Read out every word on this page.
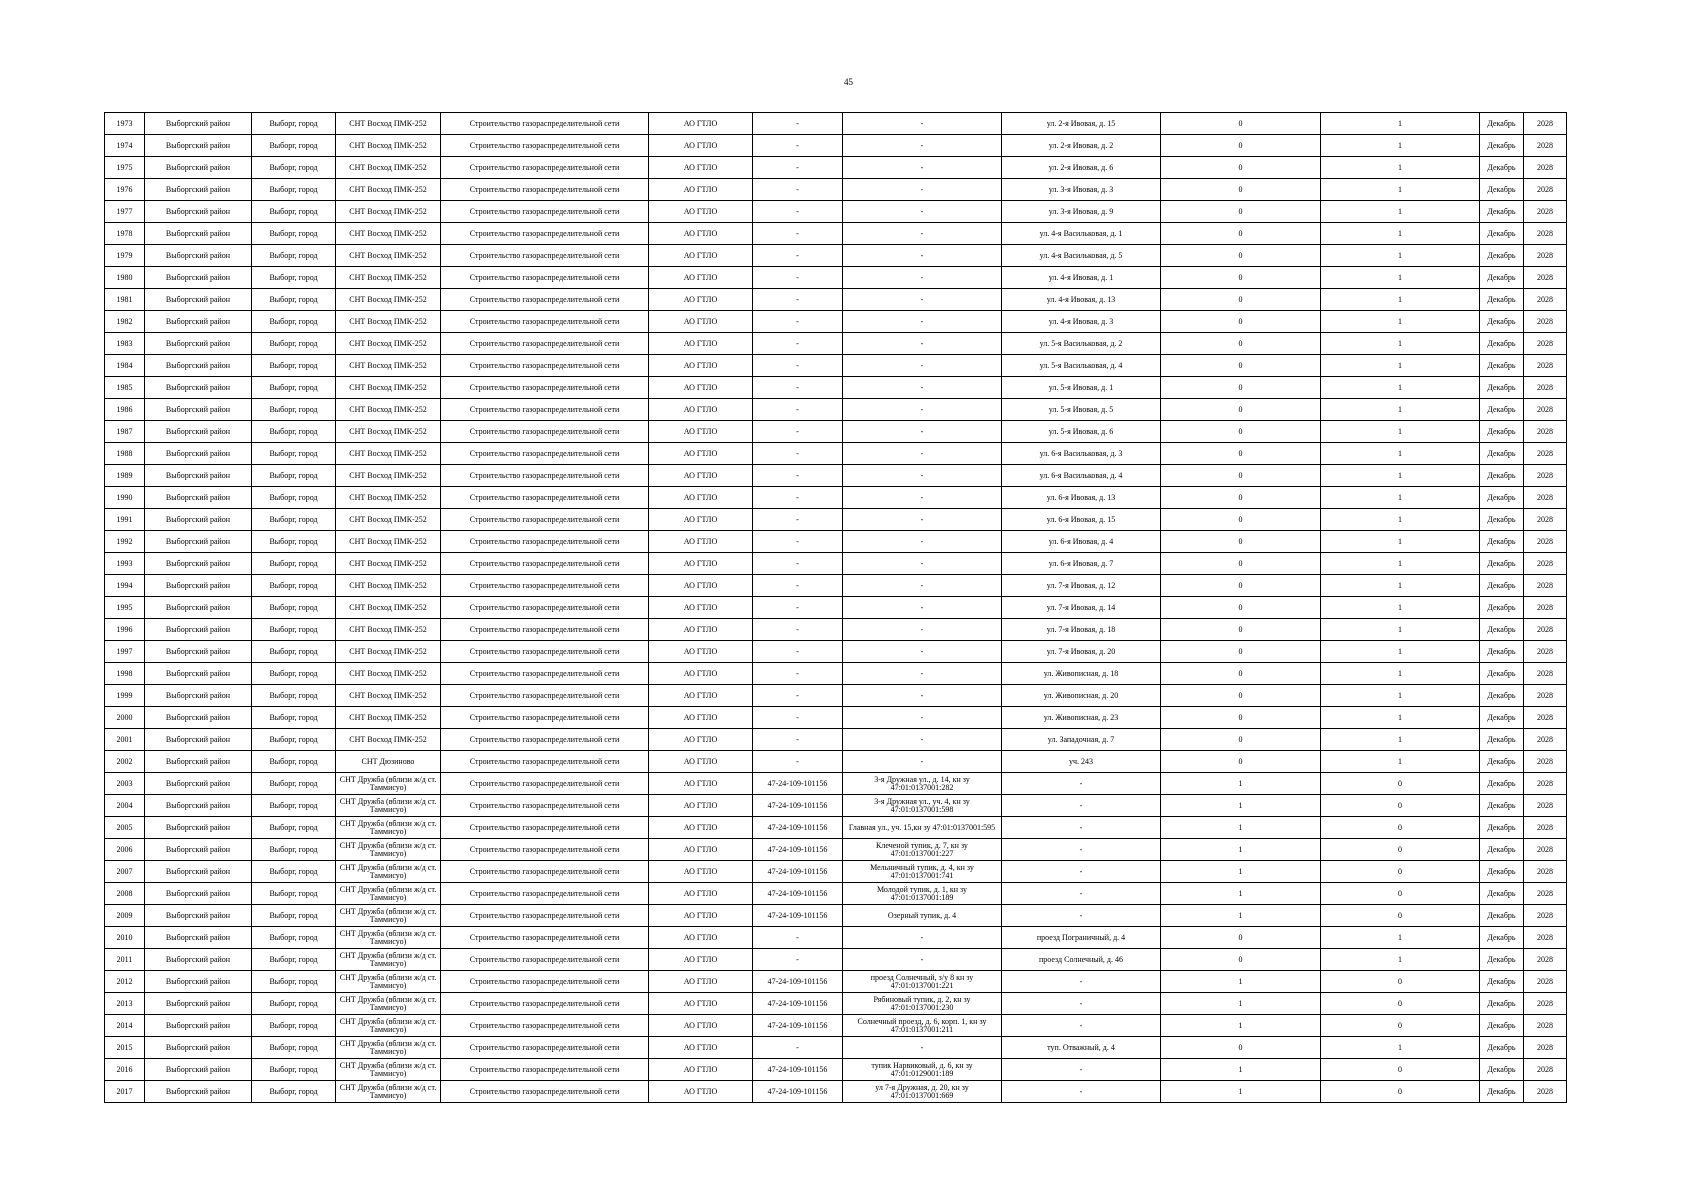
45
1973	Выборгский район	Выборг, город	СНТ Восход ПМК-252	Строительство газораспределительной сети	АО ГТЛО	-	-	ул. 2-я Ивовая, д. 15	0	1	Декабрь	2028
1974	Выборгский район	Выборг, город	СНТ Восход ПМК-252	Строительство газораспределительной сети	АО ГТЛО	-	-	ул. 2-я Ивовая, д. 2	0	1	Декабрь	2028
1975	Выборгский район	Выборг, город	СНТ Восход ПМК-252	Строительство газораспределительной сети	АО ГТЛО	-	-	ул. 2-я Ивовая, д. 6	0	1	Декабрь	2028
1976	Выборгский район	Выборг, город	СНТ Восход ПМК-252	Строительство газораспределительной сети	АО ГТЛО	-	-	ул. 3-я Ивовая, д. 3	0	1	Декабрь	2028
1977	Выборгский район	Выборг, город	СНТ Восход ПМК-252	Строительство газораспределительной сети	АО ГТЛО	-	-	ул. 3-я Ивовая, д. 9	0	1	Декабрь	2028
1978	Выборгский район	Выборг, город	СНТ Восход ПМК-252	Строительство газораспределительной сети	АО ГТЛО	-	-	ул. 4-я Васильковая, д. 1	0	1	Декабрь	2028
1979	Выборгский район	Выборг, город	СНТ Восход ПМК-252	Строительство газораспределительной сети	АО ГТЛО	-	-	ул. 4-я Васильковая, д. 5	0	1	Декабрь	2028
1980	Выборгский район	Выборг, город	СНТ Восход ПМК-252	Строительство газораспределительной сети	АО ГТЛО	-	-	ул. 4-я Ивовая, д. 1	0	1	Декабрь	2028
1981	Выборгский район	Выборг, город	СНТ Восход ПМК-252	Строительство газораспределительной сети	АО ГТЛО	-	-	ул. 4-я Ивовая, д. 13	0	1	Декабрь	2028
1982	Выборгский район	Выборг, город	СНТ Восход ПМК-252	Строительство газораспределительной сети	АО ГТЛО	-	-	ул. 4-я Ивовая, д. 3	0	1	Декабрь	2028
1983	Выборгский район	Выборг, город	СНТ Восход ПМК-252	Строительство газораспределительной сети	АО ГТЛО	-	-	ул. 5-я Васильковая, д. 2	0	1	Декабрь	2028
1984	Выборгский район	Выборг, город	СНТ Восход ПМК-252	Строительство газораспределительной сети	АО ГТЛО	-	-	ул. 5-я Васильковая, д. 4	0	1	Декабрь	2028
1985	Выборгский район	Выборг, город	СНТ Восход ПМК-252	Строительство газораспределительной сети	АО ГТЛО	-	-	ул. 5-я Ивовая, д. 1	0	1	Декабрь	2028
1986	Выборгский район	Выборг, город	СНТ Восход ПМК-252	Строительство газораспределительной сети	АО ГТЛО	-	-	ул. 5-я Ивовая, д. 5	0	1	Декабрь	2028
1987	Выборгский район	Выборг, город	СНТ Восход ПМК-252	Строительство газораспределительной сети	АО ГТЛО	-	-	ул. 5-я Ивовая, д. 6	0	1	Декабрь	2028
1988	Выборгский район	Выборг, город	СНТ Восход ПМК-252	Строительство газораспределительной сети	АО ГТЛО	-	-	ул. 6-я Васильковая, д. 3	0	1	Декабрь	2028
1989	Выборгский район	Выборг, город	СНТ Восход ПМК-252	Строительство газораспределительной сети	АО ГТЛО	-	-	ул. 6-я Васильковая, д. 4	0	1	Декабрь	2028
1990	Выборгский район	Выборг, город	СНТ Восход ПМК-252	Строительство газораспределительной сети	АО ГТЛО	-	-	ул. 6-я Ивовая, д. 13	0	1	Декабрь	2028
1991	Выборгский район	Выборг, город	СНТ Восход ПМК-252	Строительство газораспределительной сети	АО ГТЛО	-	-	ул. 6-я Ивовая, д. 15	0	1	Декабрь	2028
1992	Выборгский район	Выборг, город	СНТ Восход ПМК-252	Строительство газораспределительной сети	АО ГТЛО	-	-	ул. 6-я Ивовая, д. 4	0	1	Декабрь	2028
1993	Выборгский район	Выборг, город	СНТ Восход ПМК-252	Строительство газораспределительной сети	АО ГТЛО	-	-	ул. 6-я Ивовая, д. 7	0	1	Декабрь	2028
1994	Выборгский район	Выборг, город	СНТ Восход ПМК-252	Строительство газораспределительной сети	АО ГТЛО	-	-	ул. 7-я Ивовая, д. 12	0	1	Декабрь	2028
1995	Выборгский район	Выборг, город	СНТ Восход ПМК-252	Строительство газораспределительной сети	АО ГТЛО	-	-	ул. 7-я Ивовая, д. 14	0	1	Декабрь	2028
1996	Выборгский район	Выборг, город	СНТ Восход ПМК-252	Строительство газораспределительной сети	АО ГТЛО	-	-	ул. 7-я Ивовая, д. 18	0	1	Декабрь	2028
1997	Выборгский район	Выборг, город	СНТ Восход ПМК-252	Строительство газораспределительной сети	АО ГТЛО	-	-	ул. 7-я Ивовая, д. 20	0	1	Декабрь	2028
1998	Выборгский район	Выборг, город	СНТ Восход ПМК-252	Строительство газораспределительной сети	АО ГТЛО	-	-	ул. Живописная, д. 18	0	1	Декабрь	2028
1999	Выборгский район	Выборг, город	СНТ Восход ПМК-252	Строительство газораспределительной сети	АО ГТЛО	-	-	ул. Живописная, д. 20	0	1	Декабрь	2028
2000	Выборгский район	Выборг, город	СНТ Восход ПМК-252	Строительство газораспределительной сети	АО ГТЛО	-	-	ул. Живописная, д. 23	0	1	Декабрь	2028
2001	Выборгский район	Выборг, город	СНТ Восход ПМК-252	Строительство газораспределительной сети	АО ГТЛО	-	-	ул. Западочная, д. 7	0	1	Декабрь	2028
2002	Выборгский район	Выборг, город	СНТ Дюзиново	Строительство газораспределительной сети	АО ГТЛО	-	-	уч. 243	0	1	Декабрь	2028
2003	Выборгский район	Выборг, город	СНТ Дружба (вблизи ж/д ст. Таммисуо)	Строительство газораспределительной сети	АО ГТЛО	47-24-109-101156	3-я Дружная ул., д. 14, кн зу 47:01:0137001:282	-	1	0	Декабрь	2028
2004	Выборгский район	Выборг, город	СНТ Дружба (вблизи ж/д ст. Таммисуо)	Строительство газораспределительной сети	АО ГТЛО	47-24-109-101156	3-я Дружная ул., уч. 4, кн зу 47:01:0137001:598	-	1	0	Декабрь	2028
2005	Выборгский район	Выборг, город	СНТ Дружба (вблизи ж/д ст. Таммисуо)	Строительство газораспределительной сети	АО ГТЛО	47-24-109-101156	Главная ул., уч. 15,кн зу 47:01:0137001:595	-	1	0	Декабрь	2028
2006	Выборгский район	Выборг, город	СНТ Дружба (вблизи ж/д ст. Таммисуо)	Строительство газораспределительной сети	АО ГТЛО	47-24-109-101156	Клеченой тупик, д. 7, кн зу 47:01:0137001:227	-	1	0	Декабрь	2028
2007	Выборгский район	Выборг, город	СНТ Дружба (вблизи ж/д ст. Таммисуо)	Строительство газораспределительной сети	АО ГТЛО	47-24-109-101156	Мельничный тупик, д. 4, кн зу 47:01:0137001:741	-	1	0	Декабрь	2028
2008	Выборгский район	Выборг, город	СНТ Дружба (вблизи ж/д ст. Таммисуо)	Строительство газораспределительной сети	АО ГТЛО	47-24-109-101156	Молодой тупик, д. 1, кн зу 47:01:0137001:189	-	1	0	Декабрь	2028
2009	Выборгский район	Выборг, город	СНТ Дружба (вблизи ж/д ст. Таммисуо)	Строительство газораспределительной сети	АО ГТЛО	47-24-109-101156	Озерный тупик, д. 4	-	1	0	Декабрь	2028
2010	Выборгский район	Выборг, город	СНТ Дружба (вблизи ж/д ст. Таммисуо)	Строительство газораспределительной сети	АО ГТЛО	-	-	проезд Пограничный, д. 4	0	1	Декабрь	2028
2011	Выборгский район	Выборг, город	СНТ Дружба (вблизи ж/д ст. Таммисуо)	Строительство газораспределительной сети	АО ГТЛО	-	-	проезд Солнечный, д. 46	0	1	Декабрь	2028
2012	Выборгский район	Выборг, город	СНТ Дружба (вблизи ж/д ст. Таммисуо)	Строительство газораспределительной сети	АО ГТЛО	47-24-109-101156	проезд Солнечный, з/у 8 кн зу 47:01:0137001:221	-	1	0	Декабрь	2028
2013	Выборгский район	Выборг, город	СНТ Дружба (вблизи ж/д ст. Таммисуо)	Строительство газораспределительной сети	АО ГТЛО	47-24-109-101156	Рябиновый тупик, д. 2, кн зу 47:01:0137001:230	-	1	0	Декабрь	2028
2014	Выборгский район	Выборг, город	СНТ Дружба (вблизи ж/д ст. Таммисуо)	Строительство газораспределительной сети	АО ГТЛО	47-24-109-101156	Солнечный проезд, д. 6, корп. 1, кн зу 47:01:0137001:211	-	1	0	Декабрь	2028
2015	Выборгский район	Выборг, город	СНТ Дружба (вблизи ж/д ст. Таммисуо)	Строительство газораспределительной сети	АО ГТЛО	-	-	туп. Отважный, д. 4	0	1	Декабрь	2028
2016	Выборгский район	Выборг, город	СНТ Дружба (вблизи ж/д ст. Таммисуо)	Строительство газораспределительной сети	АО ГТЛО	47-24-109-101156	тупик Нарвиковый, д. 6, кн зу 47:01:0129001:189	-	1	0	Декабрь	2028
2017	Выборгский район	Выборг, город	СНТ Дружба (вблизи ж/д ст. Таммисуо)	Строительство газораспределительной сети	АО ГТЛО	47-24-109-101156	ул 7-я Дружная, д. 20, кн зу 47:01:0137001:669	-	1	0	Декабрь	2028
